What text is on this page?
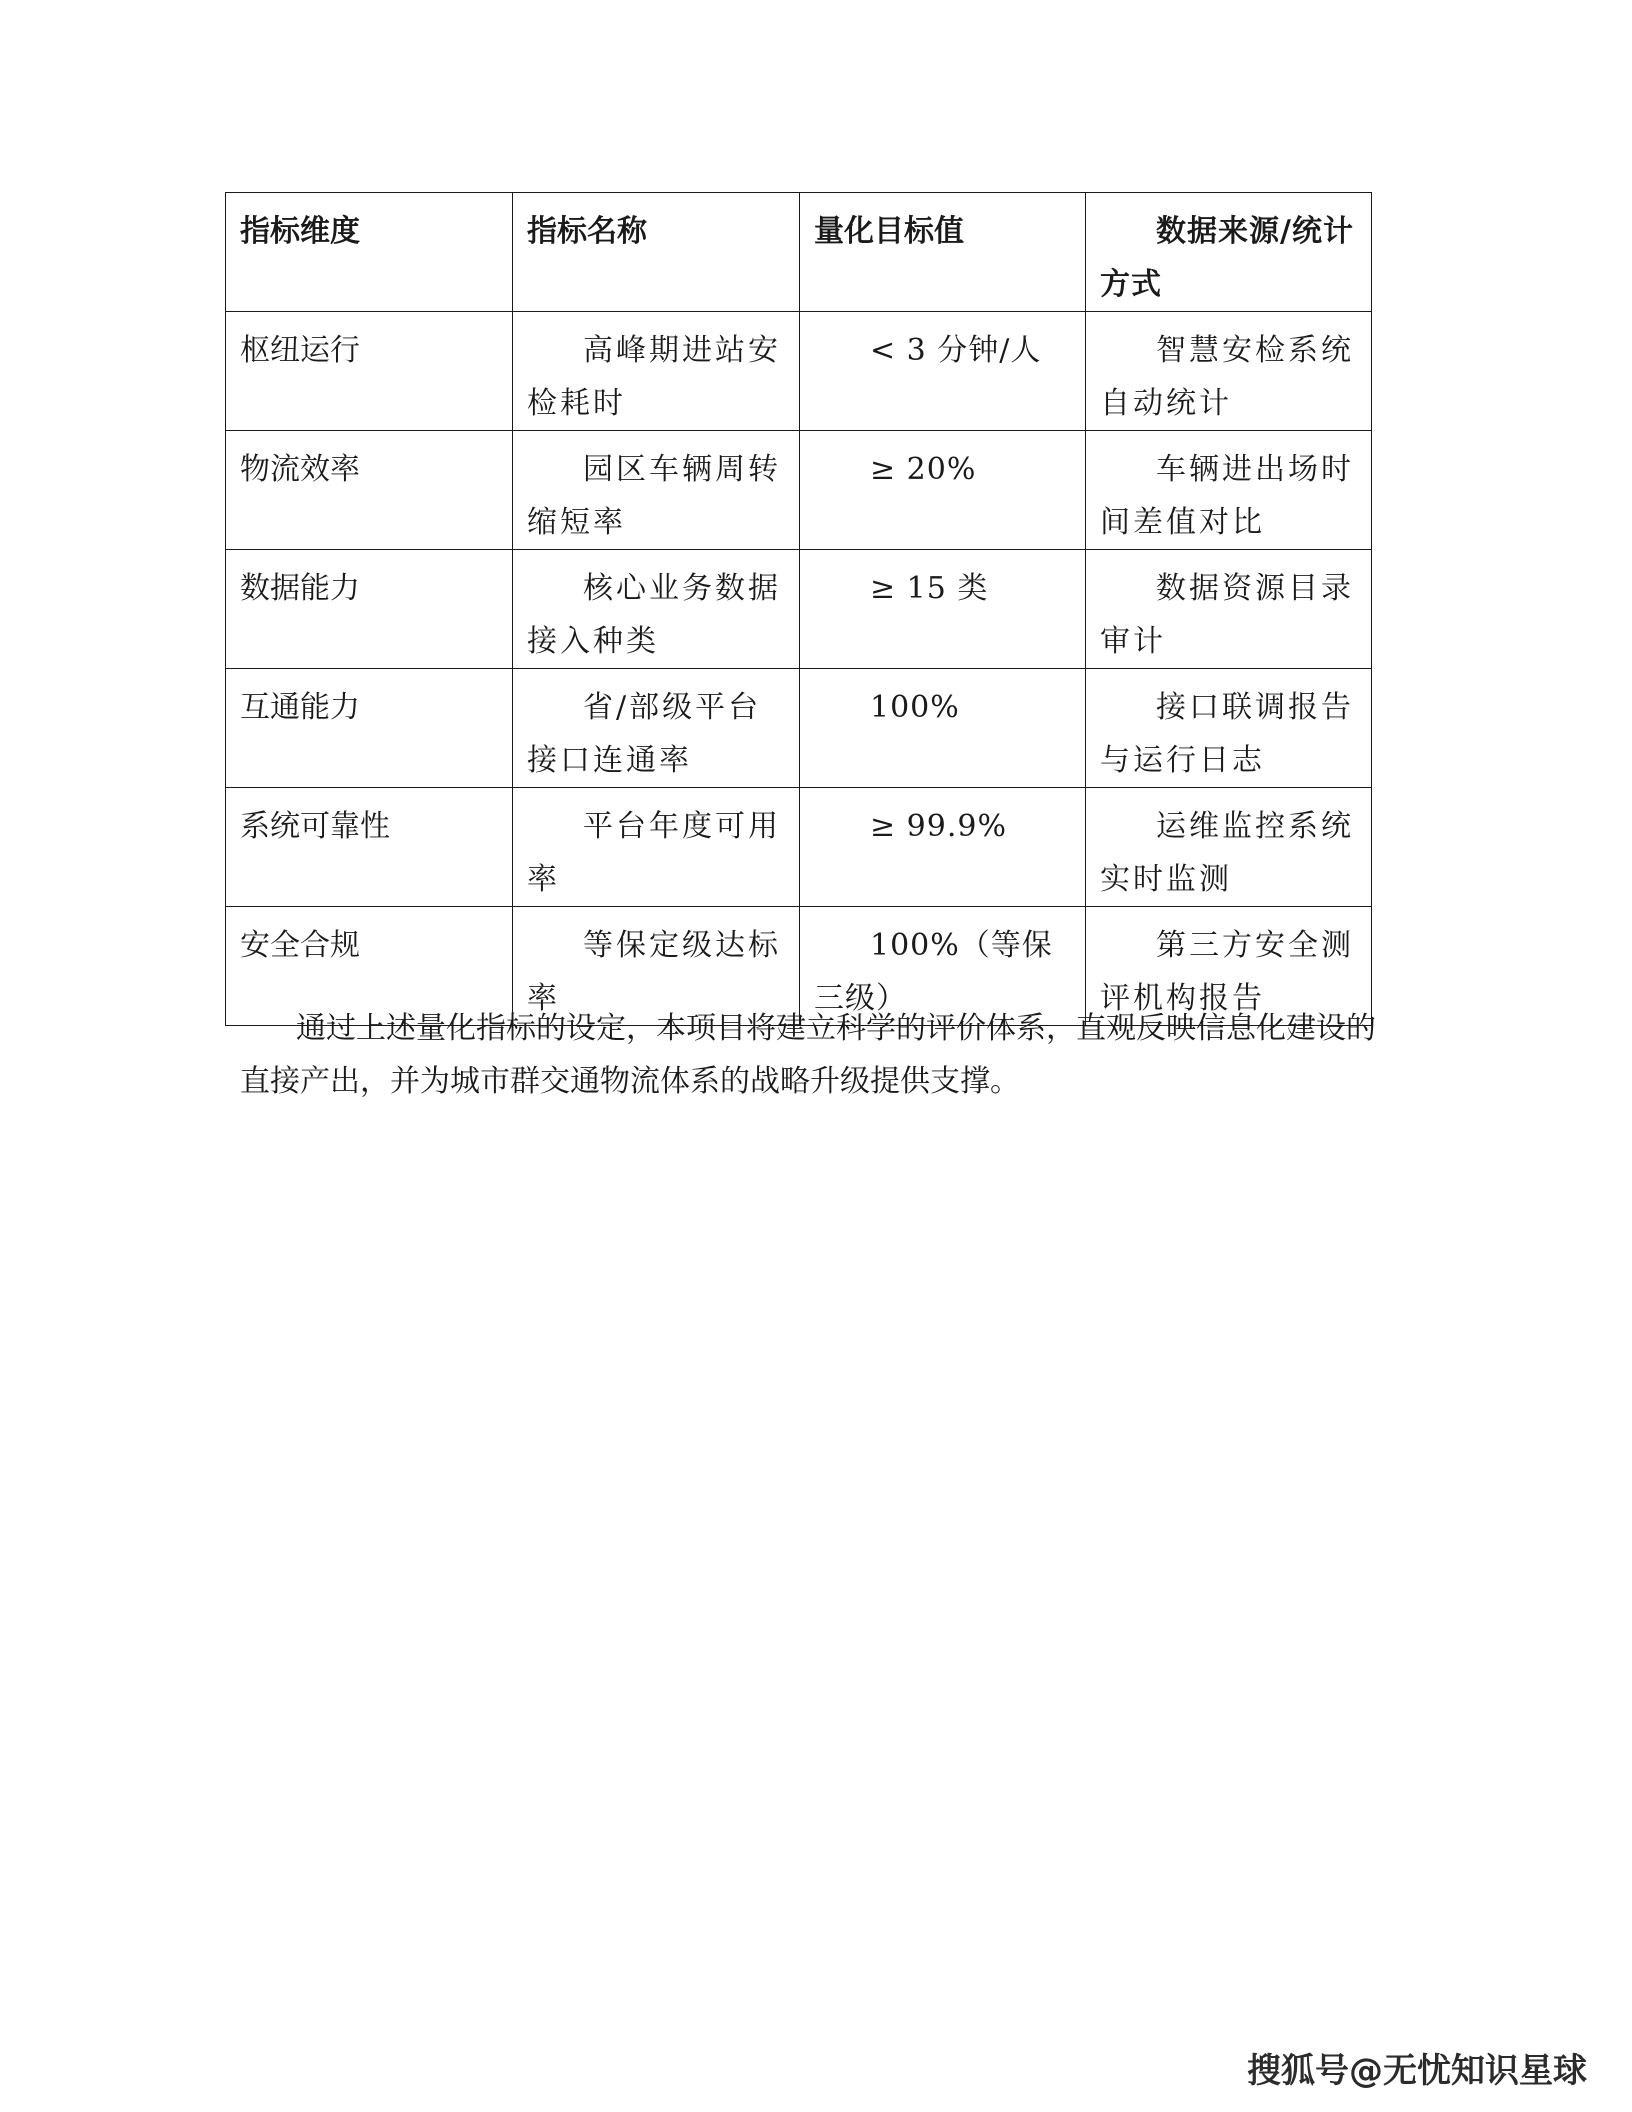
指标维度	指标名称	量化目标值	数据来源/统计方式
枢纽运行	高峰期进站安检耗时	< 3 分钟/人	智慧安检系统自动统计
物流效率	园区车辆周转缩短率	≥ 20%	车辆进出场时间差值对比
数据能力	核心业务数据接入种类	≥ 15 类	数据资源目录审计
互通能力	省/部级平台接口连通率	100%	接口联调报告与运行日志
系统可靠性	平台年度可用率	≥ 99.9%	运维监控系统实时监测
安全合规	等保定级达标率	100%（等保三级）	第三方安全测评机构报告

通过上述量化指标的设定，本项目将建立科学的评价体系，直观反映信息化建设的直接产出，并为城市群交通物流体系的战略升级提供支撑。

搜狐号@无忧知识星球
